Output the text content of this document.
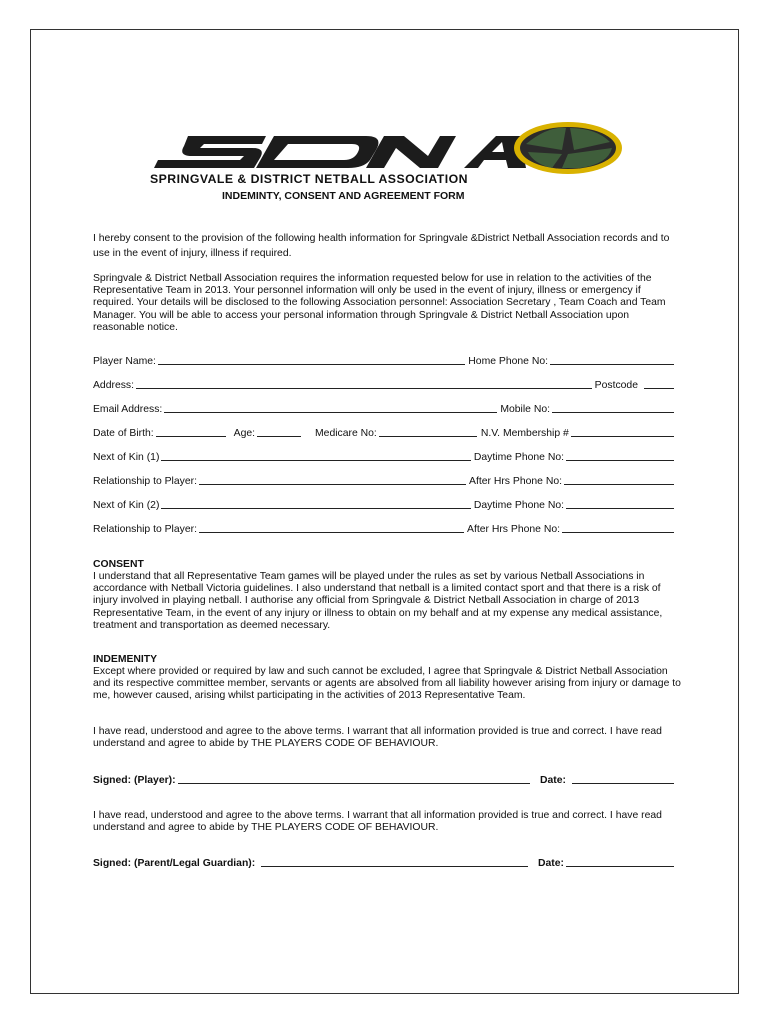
SPRINGVALE & DISTRICT NETBALL ASSOCIATION
INDEMINTY, CONSENT AND AGREEMENT FORM

I hereby consent to the provision of the following health information for Springvale &District Netball Association records and to use in the event of injury, illness if required.

Springvale & District Netball Association requires the information requested below for use in relation to the activities of the Representative Team in 2013. Your personnel information will only be used in the event of injury, illness or emergency if required. Your details will be disclosed to the following Association personnel: Association Secretary , Team Coach and Team Manager. You will be able to access your personal information through Springvale & District Netball Association upon reasonable notice.

Player Name:	Home Phone No:
Address:	Postcode
Email Address:	Mobile No:
Date of Birth:	Age:	Medicare No:	N.V. Membership #
Next of Kin (1)	Daytime Phone No:
Relationship to Player:	After Hrs Phone No:
Next of Kin (2)	Daytime Phone No:
Relationship to Player:	After Hrs Phone No:
CONSENT

I understand that all Representative Team games will be played under the rules as set by various Netball Associations in accordance with Netball Victoria guidelines. I also understand that netball is a limited contact sport and that there is a risk of injury involved in playing netball. I authorise any official from Springvale & District Netball Association in charge of 2013 Representative Team, in the event of any injury or illness to obtain on my behalf and at my expense any medical assistance, treatment and transportation as deemed necessary.

INDEMENITY

Except where provided or required by law and such cannot be excluded, I agree that Springvale & District Netball Association and its respective committee member, servants or agents are absolved from all liability however arising from injury or damage to me, however caused, arising whilst participating in the activities of 2013 Representative Team.

I have read, understood and agree to the above terms. I warrant that all information provided is true and correct. I have read understand and agree to abide by THE PLAYERS CODE OF BEHAVIOUR.

Signed: (Player):	Date:

I have read, understood and agree to the above terms. I warrant that all information provided is true and correct. I have read understand and agree to abide by THE PLAYERS CODE OF BEHAVIOUR.

Signed: (Parent/Legal Guardian):	Date:
